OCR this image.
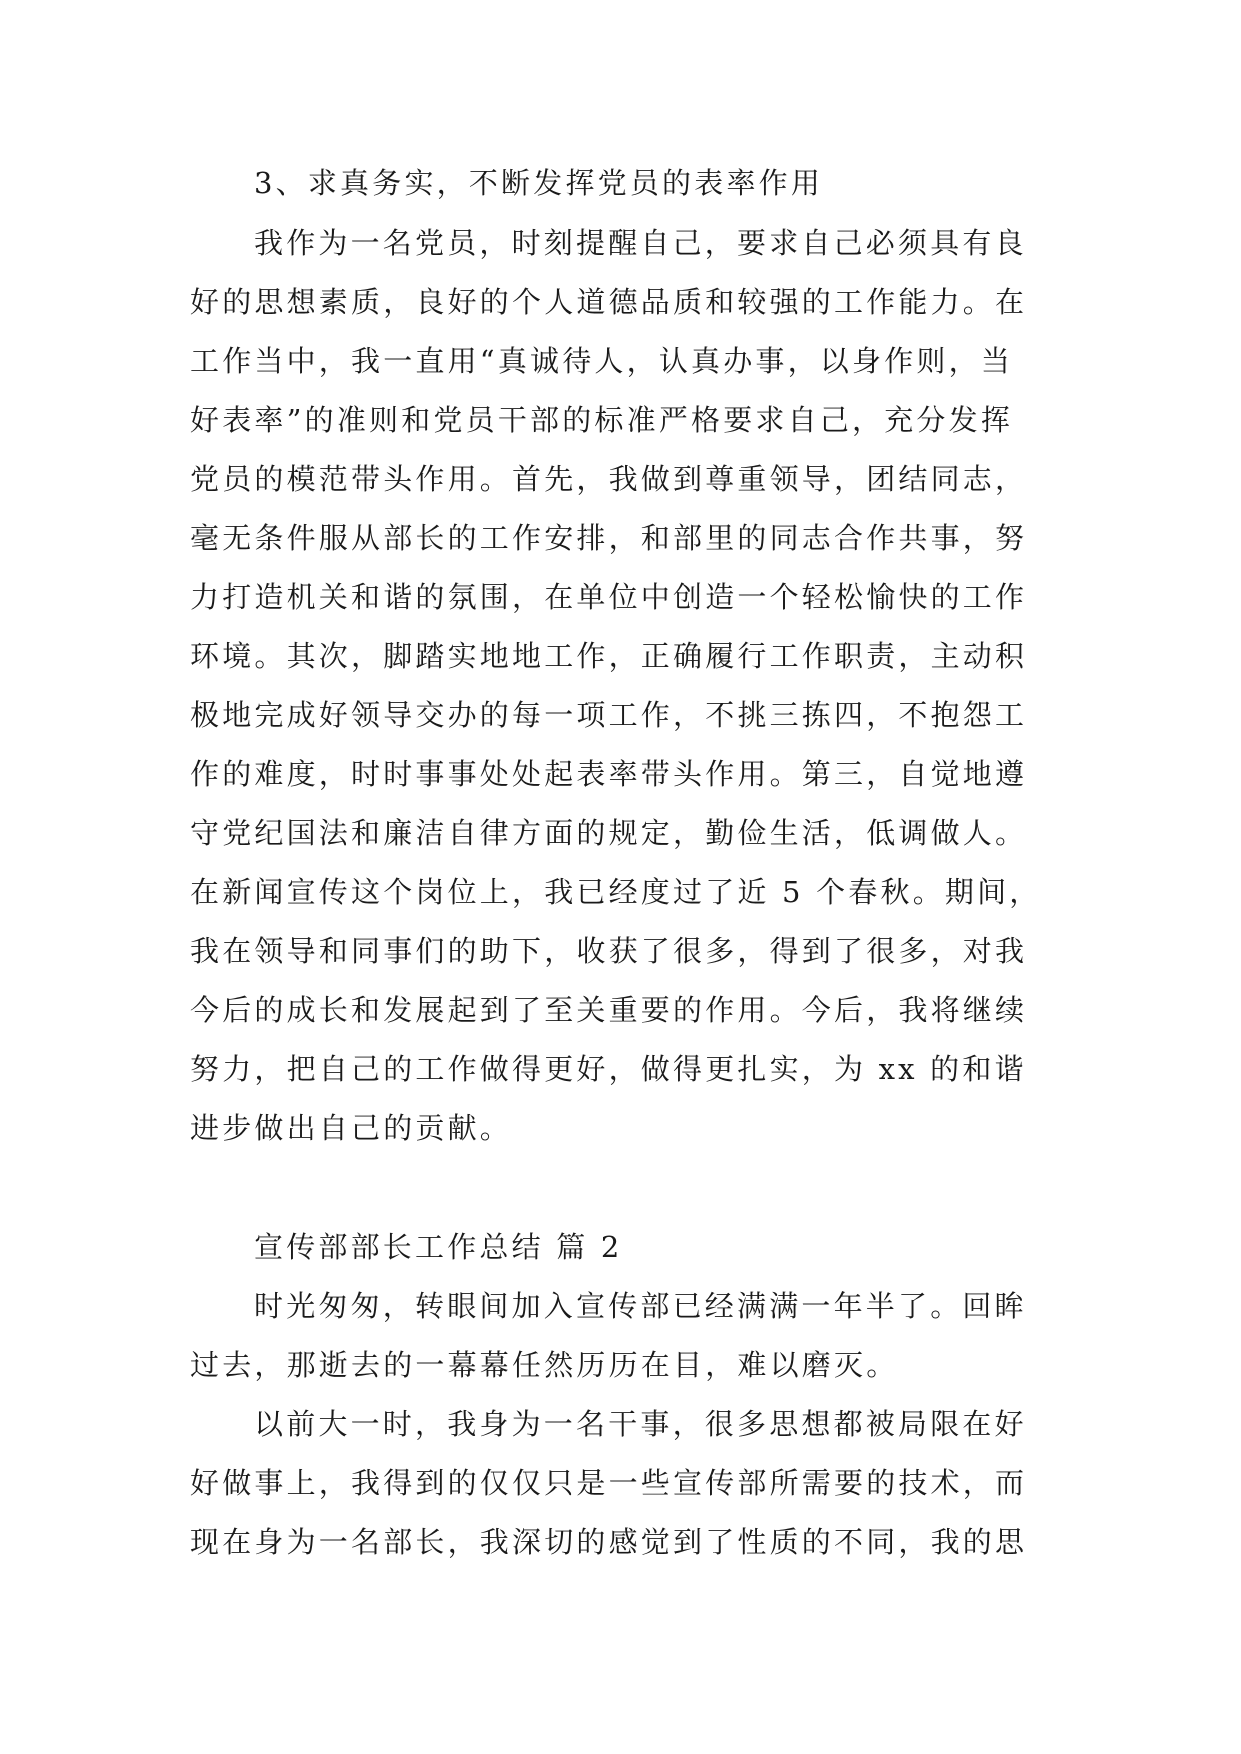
3、求真务实，不断发挥党员的表率作用
我作为一名党员，时刻提醒自己，要求自己必须具有良
好的思想素质，良好的个人道德品质和较强的工作能力。在
工作当中，我一直用“真诚待人，认真办事，以身作则，当
好表率”的准则和党员干部的标准严格要求自己，充分发挥
党员的模范带头作用。首先，我做到尊重领导，团结同志，
毫无条件服从部长的工作安排，和部里的同志合作共事，努
力打造机关和谐的氛围，在单位中创造一个轻松愉快的工作
环境。其次，脚踏实地地工作，正确履行工作职责，主动积
极地完成好领导交办的每一项工作，不挑三拣四，不抱怨工
作的难度，时时事事处处起表率带头作用。第三，自觉地遵
守党纪国法和廉洁自律方面的规定，勤俭生活，低调做人。
在新闻宣传这个岗位上，我已经度过了近 5 个春秋。期间，
我在领导和同事们的助下，收获了很多，得到了很多，对我
今后的成长和发展起到了至关重要的作用。今后，我将继续
努力，把自己的工作做得更好，做得更扎实，为 xx 的和谐
进步做出自己的贡献。
宣传部部长工作总结 篇 2
时光匆匆，转眼间加入宣传部已经满满一年半了。回眸
过去，那逝去的一幕幕任然历历在目，难以磨灭。
以前大一时，我身为一名干事，很多思想都被局限在好
好做事上，我得到的仅仅只是一些宣传部所需要的技术，而
现在身为一名部长，我深切的感觉到了性质的不同，我的思
